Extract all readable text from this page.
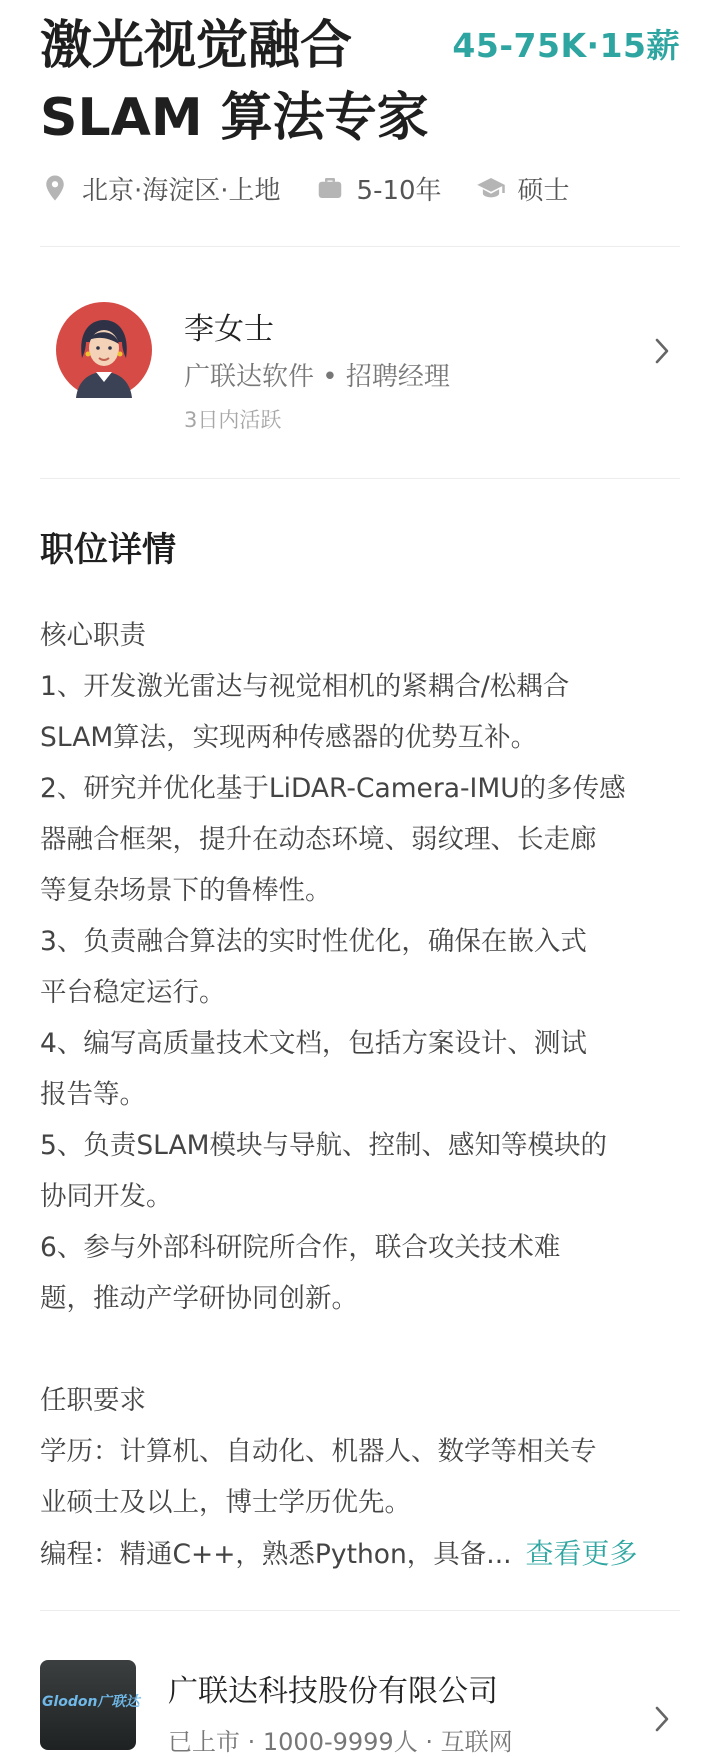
激光视觉融合
SLAM 算法专家
45-75K·15薪
北京·海淀区·上地	5-10年	硕士
李女士
广联达软件 • 招聘经理
3日内活跃
职位详情
核心职责
1、开发激光雷达与视觉相机的紧耦合/松耦合
SLAM算法，实现两种传感器的优势互补。
2、研究并优化基于LiDAR-Camera-IMU的多传感
器融合框架，提升在动态环境、弱纹理、长走廊
等复杂场景下的鲁棒性。
3、负责融合算法的实时性优化，确保在嵌入式
平台稳定运行。
4、编写高质量技术文档，包括方案设计、测试
报告等。
5、负责SLAM模块与导航、控制、感知等模块的
协同开发。
6、参与外部科研院所合作，联合攻关技术难
题，推动产学研协同创新。
任职要求
学历：计算机、自动化、机器人、数学等相关专
业硕士及以上，博士学历优先。
编程：精通C++，熟悉Python，具备... 查看更多
Glodon广联达 广联达科技股份有限公司
已上市 · 1000-9999人 · 互联网
